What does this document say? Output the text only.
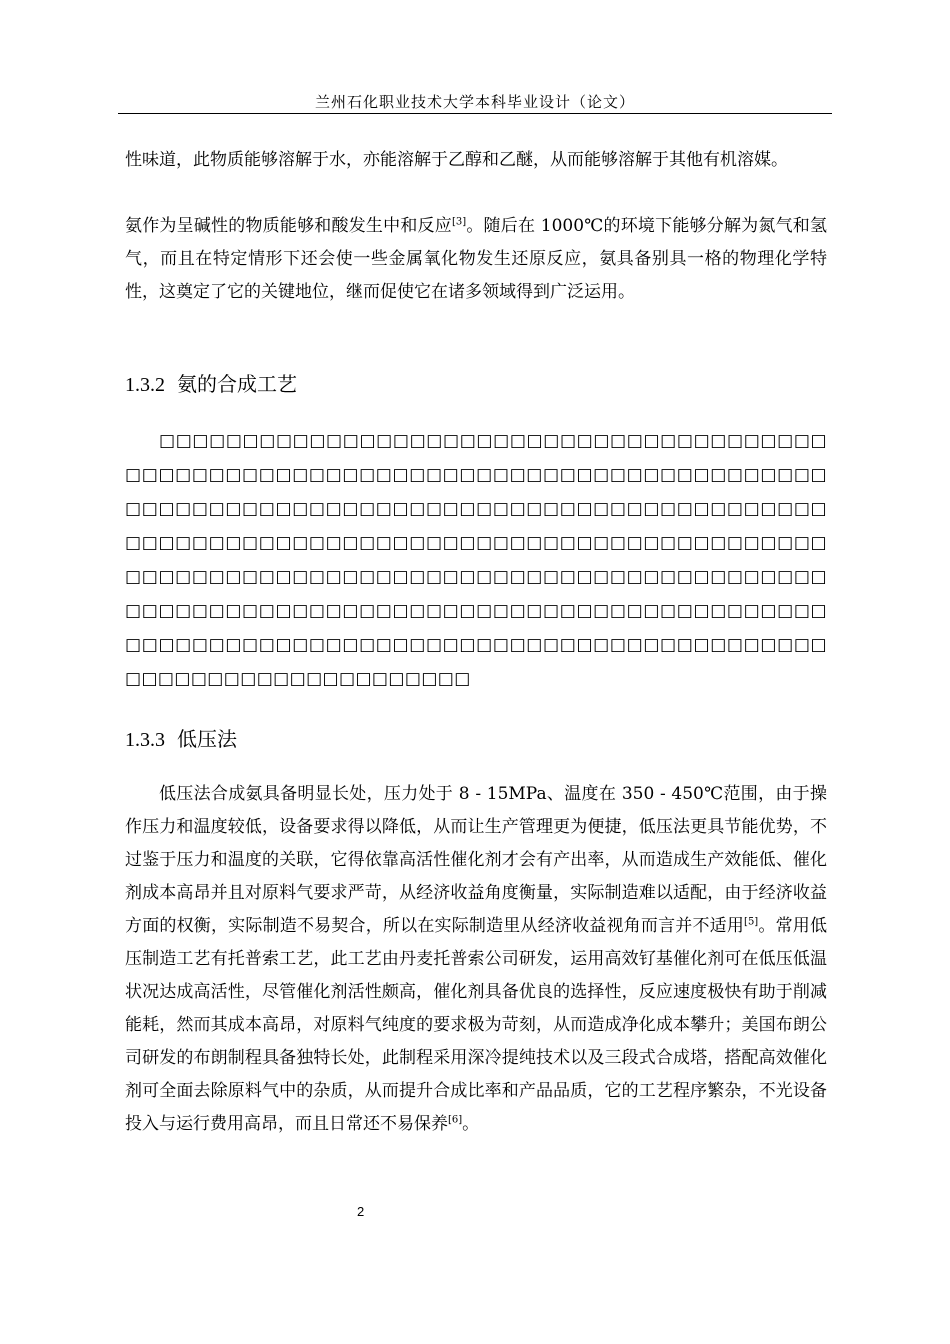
兰州石化职业技术大学本科毕业设计（论文）

性味道，此物质能够溶解于水，亦能溶解于乙醇和乙醚，从而能够溶解于其他有机溶媒。

氨作为呈碱性的物质能够和酸发生中和反应[3]。随后在 1000℃的环境下能够分解为氮气和氢气，而且在特定情形下还会使一些金属氧化物发生还原反应，氨具备别具一格的物理化学特性，这奠定了它的关键地位，继而促使它在诸多领域得到广泛运用。

1.3.2 氨的合成工艺

□□□□□□□□□□□□□□□□□□□□□□□□□□□□□□□□□□□□□□□□□□□□□□□□□□□□□□□□□□□□□□□□□□□□□□□□□□□□□□□□□□□□□□□□□□□□□□□□□□□□□□□□□□□□□□□□□□□□□□□□□□□□□□□□□□□□□□□□□□□□□□□□□□□□□□□□□□□□□□□□□□□□□□□□□□□□□□□□□□□□□□□□□□□□□□□□□□□□□□□□□□□□□□□□□□□□□□□□□□□□□□□□□□□□□□□□□□□□□□□□□□□□□□□□□□□□□□□□□□□□□□□□□□□□□□□□□□□□□□□□□□□□□□□□□□□□□□□□□□□□□□□□□□□□□□□□□

1.3.3 低压法

低压法合成氨具备明显长处，压力处于 8 - 15MPa、温度在 350 - 450℃范围，由于操作压力和温度较低，设备要求得以降低，从而让生产管理更为便捷，低压法更具节能优势，不过鉴于压力和温度的关联，它得依靠高活性催化剂才会有产出率，从而造成生产效能低、催化剂成本高昂并且对原料气要求严苛，从经济收益角度衡量，实际制造难以适配，由于经济收益方面的权衡，实际制造不易契合，所以在实际制造里从经济收益视角而言并不适用[5]。常用低压制造工艺有托普索工艺，此工艺由丹麦托普索公司研发，运用高效钌基催化剂可在低压低温状况达成高活性，尽管催化剂活性颇高，催化剂具备优良的选择性，反应速度极快有助于削减能耗，然而其成本高昂，对原料气纯度的要求极为苛刻，从而造成净化成本攀升；美国布朗公司研发的布朗制程具备独特长处，此制程采用深冷提纯技术以及三段式合成塔，搭配高效催化剂可全面去除原料气中的杂质，从而提升合成比率和产品品质，它的工艺程序繁杂，不光设备投入与运行费用高昂，而且日常还不易保养[6]。

2
